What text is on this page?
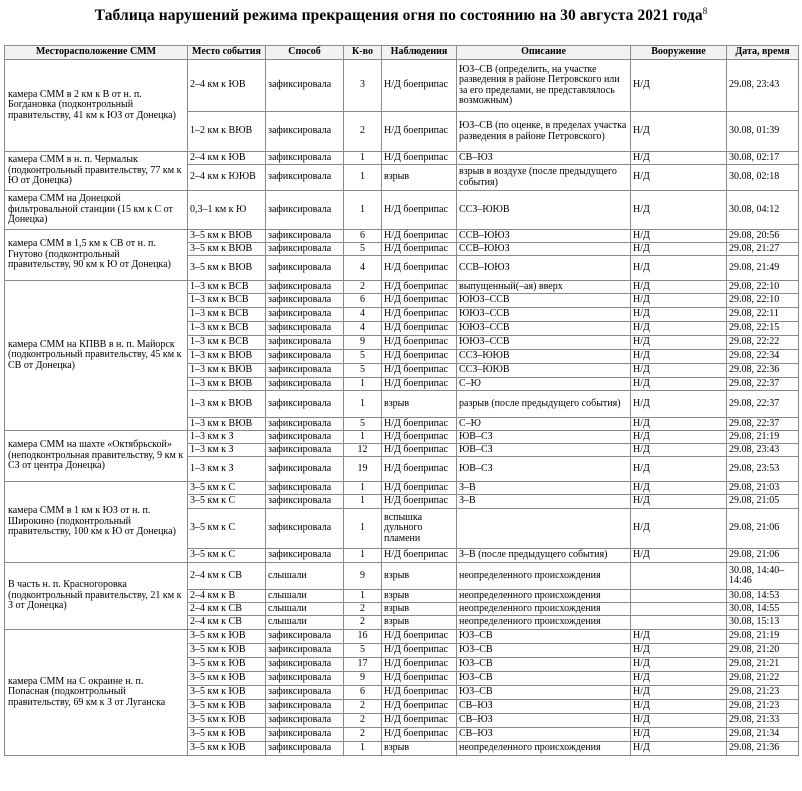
Таблица нарушений режима прекращения огня по состоянию на 30 августа 2021 года$^8$
Месторасположение СММ	Место события	Способ	К-во	Наблюдения	Описание	Вооружение	Дата, время
камера СММ в 2 км к В от н. п. Богдановка (подконтрольный правительству, 41 км к ЮЗ от Донецка)	2–4 км к ЮВ	зафиксировала	3	Н/Д боеприпас	ЮЗ–СВ (определить, на участке разведения в районе Петровского или за его пределами, не представлялось возможным)	Н/Д	29.08, 23:43
	1–2 км к ВЮВ	зафиксировала	2	Н/Д боеприпас	ЮЗ–СВ (по оценке, в пределах участка разведения в районе Петровского)	Н/Д	30.08, 01:39
камера СММ в н. п. Чермалык (подконтрольный правительству, 77 км к Ю от Донецка)	2–4 км к ЮВ	зафиксировала	1	Н/Д боеприпас	СВ–ЮЗ	Н/Д	30.08, 02:17
	2–4 км к ЮЮВ	зафиксировала	1	взрыв	взрыв в воздухе (после предыдущего события)	Н/Д	30.08, 02:18
камера СММ на Донецкой фильтровальной станции (15 км к С от Донецка)	0,3–1 км к Ю	зафиксировала	1	Н/Д боеприпас	ССЗ–ЮЮВ	Н/Д	30.08, 04:12
камера СММ в 1,5 км к СВ от н. п. Гнутово (подконтрольный правительству, 90 км к Ю от Донецка)	3–5 км к ВЮВ	зафиксировала	6	Н/Д боеприпас	ССВ–ЮЮЗ	Н/Д	29.08, 20:56
	3–5 км к ВЮВ	зафиксировала	5	Н/Д боеприпас	ССВ–ЮЮЗ	Н/Д	29.08, 21:27
	3–5 км к ВЮВ	зафиксировала	4	Н/Д боеприпас	ССВ–ЮЮЗ	Н/Д	29.08, 21:49
камера СММ на КПВВ в н. п. Майорск (подконтрольный правительству, 45 км к СВ от Донецка)	1–3 км к ВСВ	зафиксировала	2	Н/Д боеприпас	выпущенный(–ая) вверх	Н/Д	29.08, 22:10
	1–3 км к ВСВ	зафиксировала	6	Н/Д боеприпас	ЮЮЗ–ССВ	Н/Д	29.08, 22:10
	1–3 км к ВСВ	зафиксировала	4	Н/Д боеприпас	ЮЮЗ–ССВ	Н/Д	29.08, 22:11
	1–3 км к ВСВ	зафиксировала	4	Н/Д боеприпас	ЮЮЗ–ССВ	Н/Д	29.08, 22:15
	1–3 км к ВСВ	зафиксировала	9	Н/Д боеприпас	ЮЮЗ–ССВ	Н/Д	29.08, 22:22
	1–3 км к ВЮВ	зафиксировала	5	Н/Д боеприпас	ССЗ–ЮЮВ	Н/Д	29.08, 22:34
	1–3 км к ВЮВ	зафиксировала	5	Н/Д боеприпас	ССЗ–ЮЮВ	Н/Д	29.08, 22:36
	1–3 км к ВЮВ	зафиксировала	1	Н/Д боеприпас	С–Ю	Н/Д	29.08, 22:37
	1–3 км к ВЮВ	зафиксировала	1	взрыв	разрыв (после предыдущего события)	Н/Д	29.08, 22:37
	1–3 км к ВЮВ	зафиксировала	5	Н/Д боеприпас	С–Ю	Н/Д	29.08, 22:37
камера СММ на шахте «Октябрьской» (неподконтрольная правительству, 9 км к СЗ от центра Донецка)	1–3 км к З	зафиксировала	1	Н/Д боеприпас	ЮВ–СЗ	Н/Д	29.08, 21:19
	1–3 км к З	зафиксировала	12	Н/Д боеприпас	ЮВ–СЗ	Н/Д	29.08, 23:43
	1–3 км к З	зафиксировала	19	Н/Д боеприпас	ЮВ–СЗ	Н/Д	29.08, 23:53
камера СММ в 1 км к ЮЗ от н. п. Широкино (подконтрольный правительству, 100 км к Ю от Донецка)	3–5 км к С	зафиксировала	1	Н/Д боеприпас	З–В	Н/Д	29.08, 21:03
	3–5 км к С	зафиксировала	1	Н/Д боеприпас	З–В	Н/Д	29.08, 21:05
	3–5 км к С	зафиксировала	1	вспышка дульного пламени		Н/Д	29.08, 21:06
	3–5 км к С	зафиксировала	1	Н/Д боеприпас	З–В (после предыдущего события)	Н/Д	29.08, 21:06
В часть н. п. Красногоровка (подконтрольный правительству, 21 км к З от Донецка)	2–4 км к СВ	слышали	9	взрыв	неопределенного происхождения		30.08, 14:40–14:46
	2–4 км к В	слышали	1	взрыв	неопределенного происхождения		30.08, 14:53
	2–4 км к СВ	слышали	2	взрыв	неопределенного происхождения		30.08, 14:55
	2–4 км к СВ	слышали	2	взрыв	неопределенного происхождения		30.08, 15:13
камера СММ на С окраине н. п. Попасная (подконтрольный правительству, 69 км к З от Луганска	3–5 км к ЮВ	зафиксировала	16	Н/Д боеприпас	ЮЗ–СВ	Н/Д	29.08, 21:19
	3–5 км к ЮВ	зафиксировала	5	Н/Д боеприпас	ЮЗ–СВ	Н/Д	29.08, 21:20
	3–5 км к ЮВ	зафиксировала	17	Н/Д боеприпас	ЮЗ–СВ	Н/Д	29.08, 21:21
	3–5 км к ЮВ	зафиксировала	9	Н/Д боеприпас	ЮЗ–СВ	Н/Д	29.08, 21:22
	3–5 км к ЮВ	зафиксировала	6	Н/Д боеприпас	ЮЗ–СВ	Н/Д	29.08, 21:23
	3–5 км к ЮВ	зафиксировала	2	Н/Д боеприпас	СВ–ЮЗ	Н/Д	29.08, 21:23
	3–5 км к ЮВ	зафиксировала	2	Н/Д боеприпас	СВ–ЮЗ	Н/Д	29.08, 21:33
	3–5 км к ЮВ	зафиксировала	2	Н/Д боеприпас	СВ–ЮЗ	Н/Д	29.08, 21:34
	3–5 км к ЮВ	зафиксировала	1	взрыв	неопределенного происхождения	Н/Д	29.08, 21:36
